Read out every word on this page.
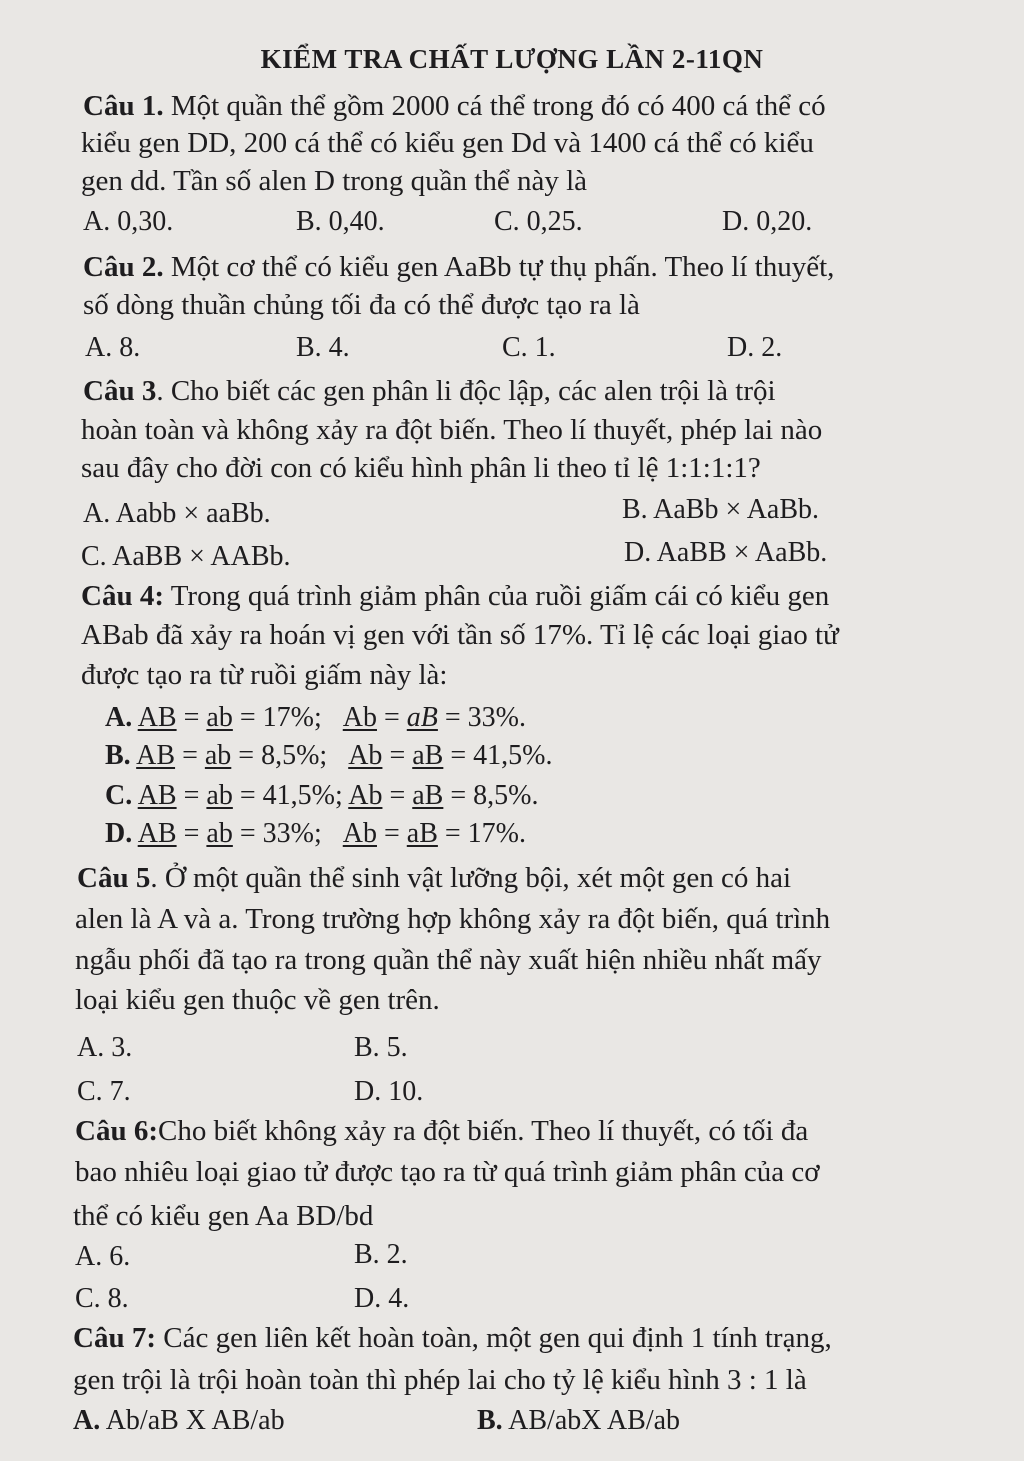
KIỂM TRA CHẤT LƯỢNG LẦN 2-11QN
Câu 1. Một quần thể gồm 2000 cá thể trong đó có 400 cá thể có
kiểu gen DD, 200 cá thể có kiểu gen Dd và 1400 cá thể có kiểu
gen dd. Tần số alen D trong quần thể này là
A. 0,30.	B. 0,40.	C. 0,25.	D. 0,20.
Câu 2. Một cơ thể có kiểu gen AaBb tự thụ phấn. Theo lí thuyết,
số dòng thuần chủng tối đa có thể được tạo ra là
A. 8.	B. 4.	C. 1.	D. 2.
Câu 3. Cho biết các gen phân li độc lập, các alen trội là trội
hoàn toàn và không xảy ra đột biến. Theo lí thuyết, phép lai nào
sau đây cho đời con có kiểu hình phân li theo tỉ lệ 1:1:1:1?
A. Aabb × aaBb.	B. AaBb × AaBb.
C. AaBB × AABb.	D. AaBB × AaBb.
Câu 4: Trong quá trình giảm phân của ruồi giấm cái có kiểu gen
ABab đã xảy ra hoán vị gen với tần số 17%. Tỉ lệ các loại giao tử
được tạo ra từ ruồi giấm này là:
A. AB = ab = 17%; Ab = aB = 33%.
B. AB = ab = 8,5%; Ab = aB = 41,5%.
C. AB = ab = 41,5%; Ab = aB = 8,5%.
D. AB = ab = 33%; Ab = aB = 17%.
Câu 5. Ở một quần thể sinh vật lưỡng bội, xét một gen có hai
alen là A và a. Trong trường hợp không xảy ra đột biến, quá trình
ngẫu phối đã tạo ra trong quần thể này xuất hiện nhiều nhất mấy
loại kiểu gen thuộc về gen trên.
A. 3.	B. 5.
C. 7.	D. 10.
Câu 6:Cho biết không xảy ra đột biến. Theo lí thuyết, có tối đa
bao nhiêu loại giao tử được tạo ra từ quá trình giảm phân của cơ
thể có kiểu gen Aa BD/bd
A. 6.	B. 2.
C. 8.	D. 4.
Câu 7: Các gen liên kết hoàn toàn, một gen qui định 1 tính trạng,
gen trội là trội hoàn toàn thì phép lai cho tỷ lệ kiểu hình 3 : 1 là
A. Ab/aB X AB/ab	B. AB/abX AB/ab
